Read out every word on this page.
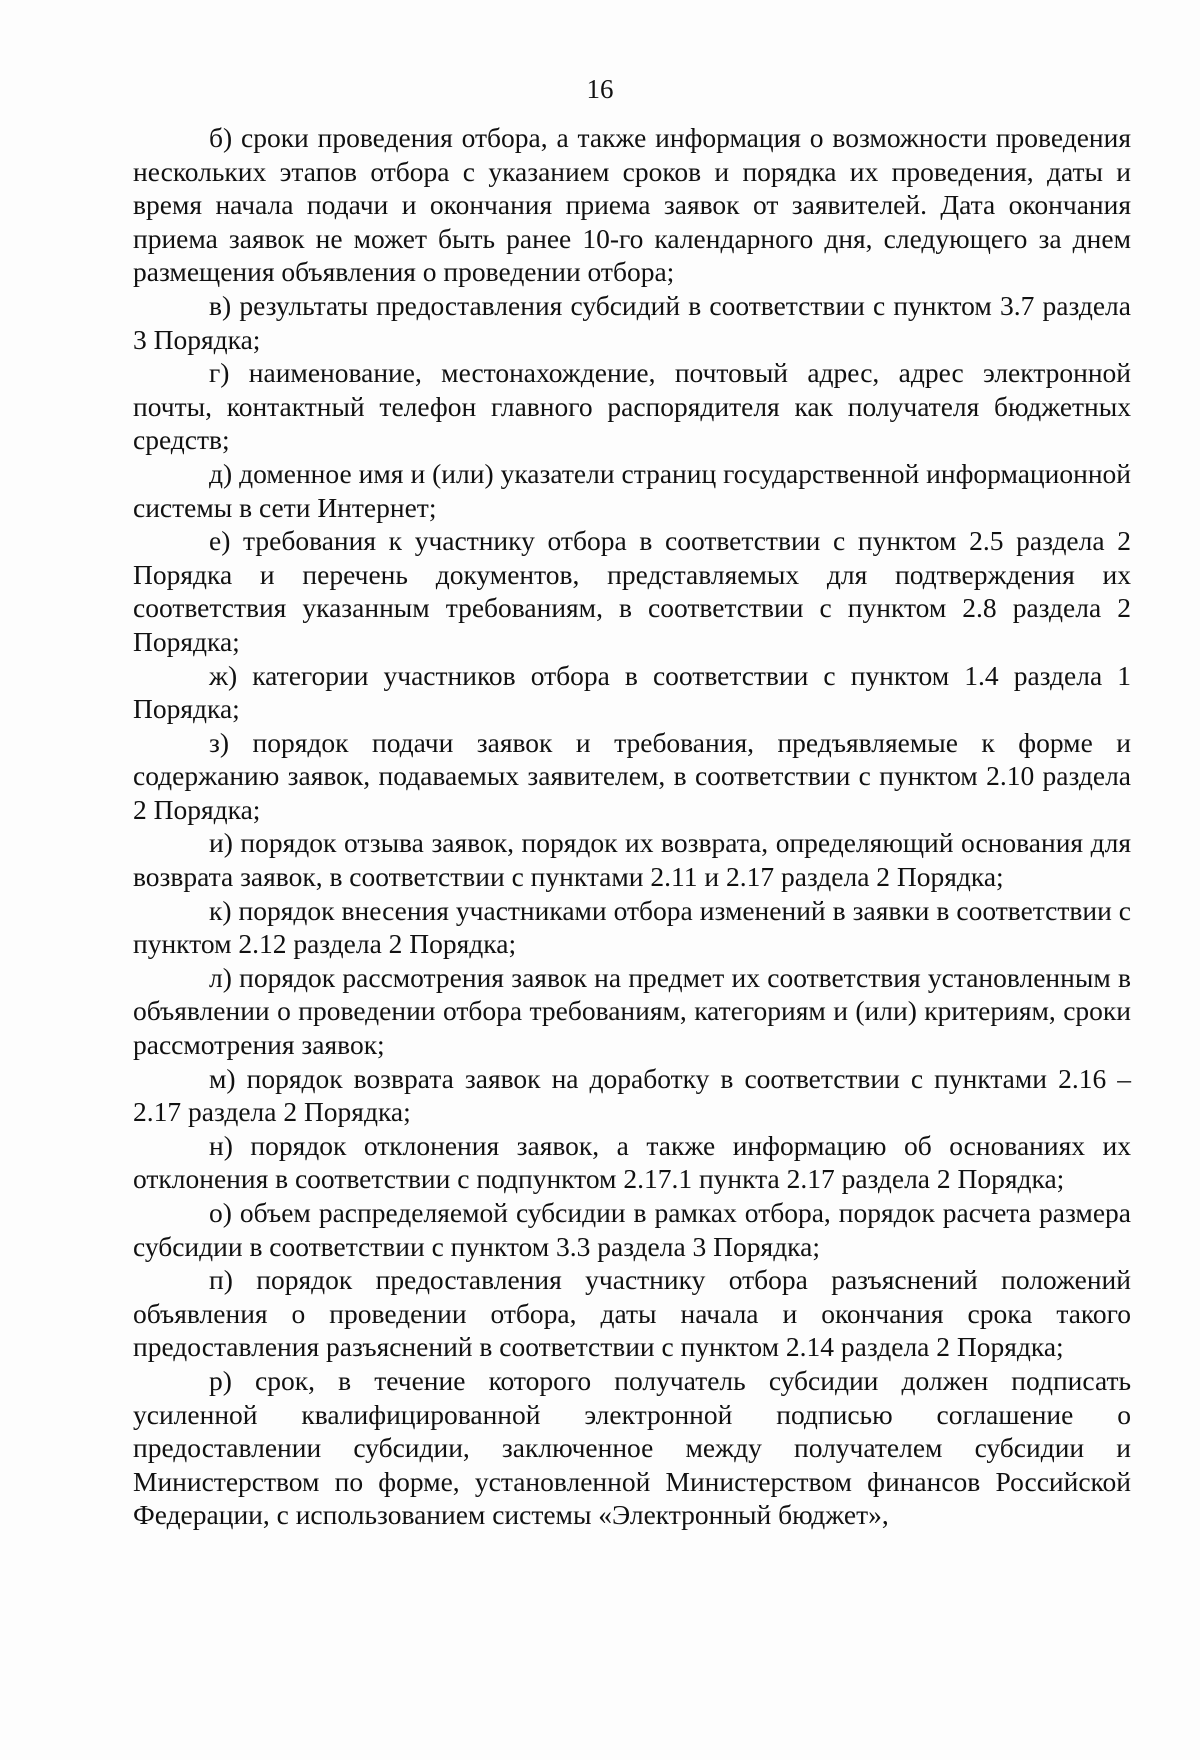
16

б) сроки проведения отбора, а также информация о возможности проведения нескольких этапов отбора с указанием сроков и порядка их проведения, даты и время начала подачи и окончания приема заявок от заявителей. Дата окончания приема заявок не может быть ранее 10-го календарного дня, следующего за днем размещения объявления о проведении отбора;

в) результаты предоставления субсидий в соответствии с пунктом 3.7 раздела 3 Порядка;

г) наименование, местонахождение, почтовый адрес, адрес электронной почты, контактный телефон главного распорядителя как получателя бюджетных средств;

д) доменное имя и (или) указатели страниц государственной информационной системы в сети Интернет;

е) требования к участнику отбора в соответствии с пунктом 2.5 раздела 2 Порядка и перечень документов, представляемых для подтверждения их соответствия указанным требованиям, в соответствии с пунктом 2.8 раздела 2 Порядка;

ж) категории участников отбора в соответствии с пунктом 1.4 раздела 1 Порядка;

з) порядок подачи заявок и требования, предъявляемые к форме и содержанию заявок, подаваемых заявителем, в соответствии с пунктом 2.10 раздела 2 Порядка;

и) порядок отзыва заявок, порядок их возврата, определяющий основания для возврата заявок, в соответствии с пунктами 2.11 и 2.17 раздела 2 Порядка;

к) порядок внесения участниками отбора изменений в заявки в соответствии с пунктом 2.12 раздела 2 Порядка;

л) порядок рассмотрения заявок на предмет их соответствия установленным в объявлении о проведении отбора требованиям, категориям и (или) критериям, сроки рассмотрения заявок;

м) порядок возврата заявок на доработку в соответствии с пунктами 2.16 – 2.17 раздела 2 Порядка;

н) порядок отклонения заявок, а также информацию об основаниях их отклонения в соответствии с подпунктом 2.17.1 пункта 2.17 раздела 2 Порядка;

о) объем распределяемой субсидии в рамках отбора, порядок расчета размера субсидии в соответствии с пунктом 3.3 раздела 3 Порядка;

п) порядок предоставления участнику отбора разъяснений положений объявления о проведении отбора, даты начала и окончания срока такого предоставления разъяснений в соответствии с пунктом 2.14 раздела 2 Порядка;

р) срок, в течение которого получатель субсидии должен подписать усиленной квалифицированной электронной подписью соглашение о предоставлении субсидии, заключенное между получателем субсидии и Министерством по форме, установленной Министерством финансов Российской Федерации, с использованием системы «Электронный бюджет»,
